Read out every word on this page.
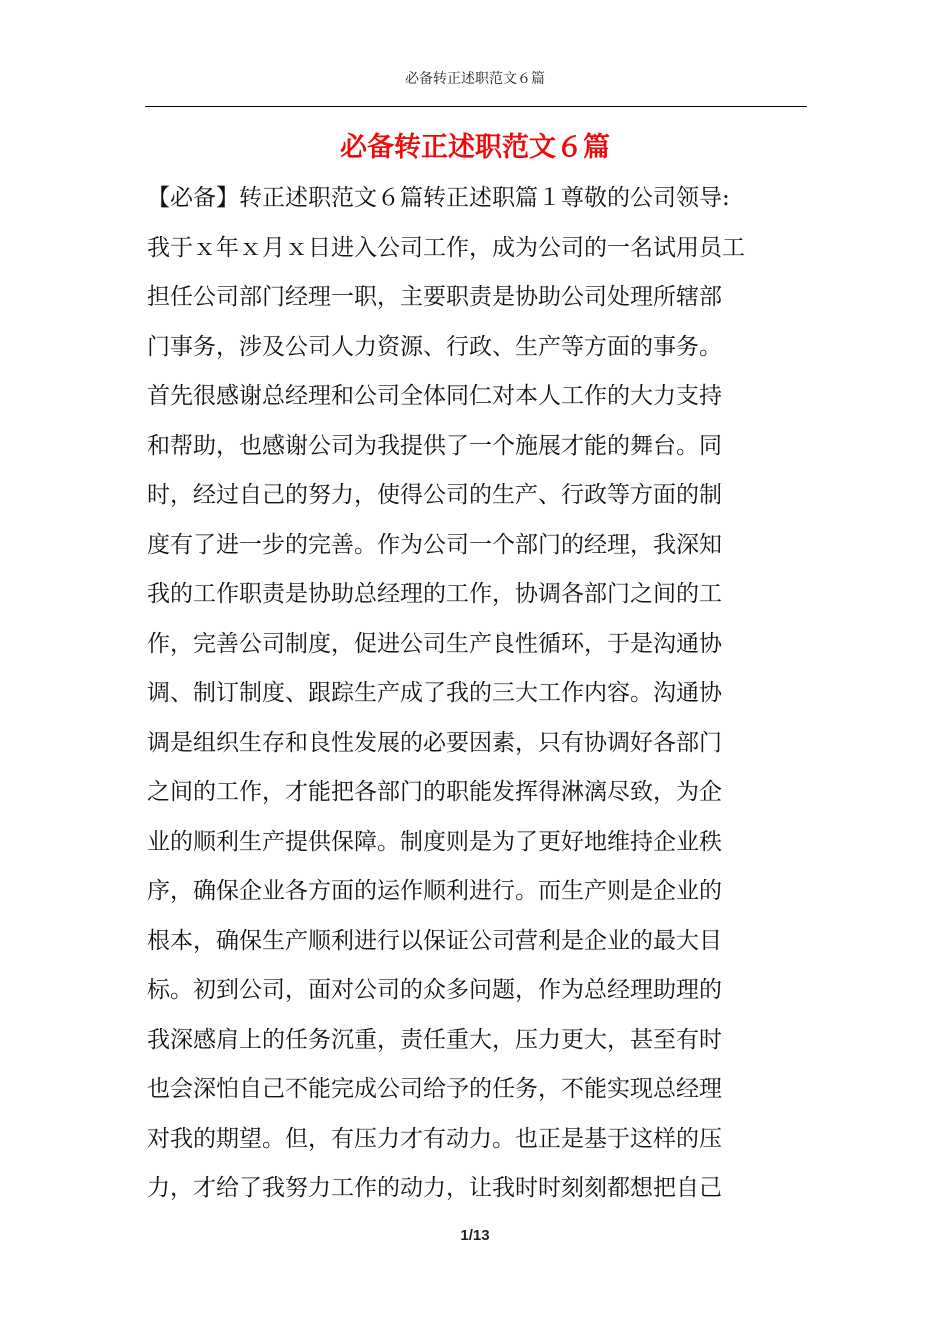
必备转正述职范文６篇
必备转正述职范文６篇
【必备】转正述职范文６篇转正述职篇１尊敬的公司领导:
我于ｘ年ｘ月ｘ日进入公司工作，成为公司的一名试用员工
担任公司部门经理一职，主要职责是协助公司处理所辖部
门事务，涉及公司人力资源、行政、生产等方面的事务。
首先很感谢总经理和公司全体同仁对本人工作的大力支持
和帮助，也感谢公司为我提供了一个施展才能的舞台。同
时，经过自己的努力，使得公司的生产、行政等方面的制
度有了进一步的完善。作为公司一个部门的经理，我深知
我的工作职责是协助总经理的工作，协调各部门之间的工
作，完善公司制度，促进公司生产良性循环，于是沟通协
调、制订制度、跟踪生产成了我的三大工作内容。沟通协
调是组织生存和良性发展的必要因素，只有协调好各部门
之间的工作，才能把各部门的职能发挥得淋漓尽致，为企
业的顺利生产提供保障。制度则是为了更好地维持企业秩
序，确保企业各方面的运作顺利进行。而生产则是企业的
根本，确保生产顺利进行以保证公司营利是企业的最大目
标。初到公司，面对公司的众多问题，作为总经理助理的
我深感肩上的任务沉重，责任重大，压力更大，甚至有时
也会深怕自己不能完成公司给予的任务，不能实现总经理
对我的期望。但，有压力才有动力。也正是基于这样的压
力，才给了我努力工作的动力，让我时时刻刻都想把自己
1/13
